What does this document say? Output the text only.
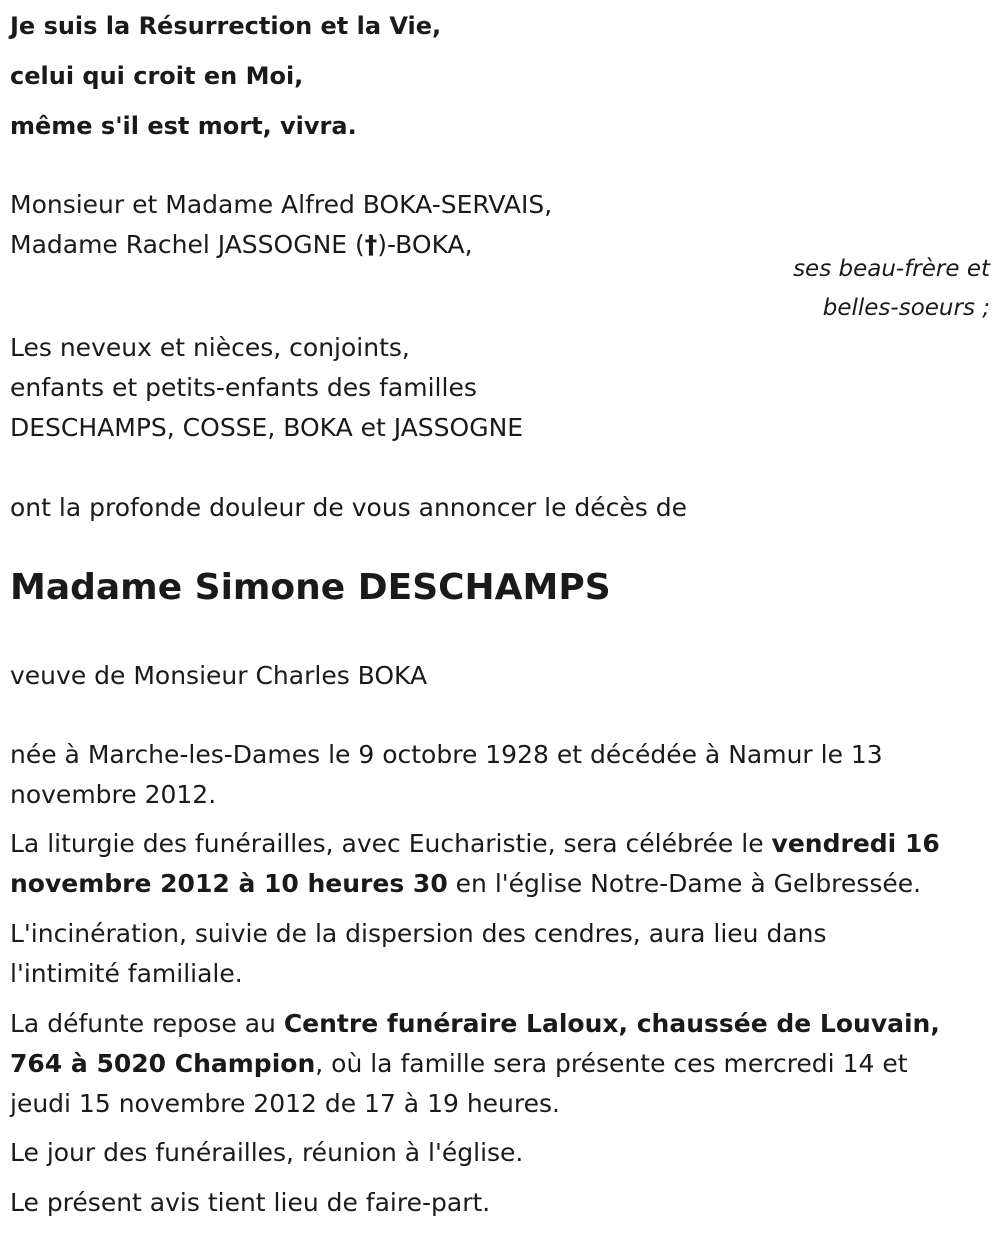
Je suis la Résurrection et la Vie,
celui qui croit en Moi,
même s'il est mort, vivra.
Monsieur et Madame Alfred BOKA-SERVAIS,
Madame Rachel JASSOGNE (†)-BOKA,
ses beau-frère et
belles-soeurs ;
Les neveux et nièces, conjoints,
enfants et petits-enfants des familles
DESCHAMPS, COSSE, BOKA et JASSOGNE
ont la profonde douleur de vous annoncer le décès de
Madame Simone DESCHAMPS
veuve de Monsieur Charles BOKA
née à Marche-les-Dames le 9 octobre 1928 et décédée à Namur le 13
novembre 2012.
La liturgie des funérailles, avec Eucharistie, sera célébrée le vendredi 16
novembre 2012 à 10 heures 30 en l'église Notre-Dame à Gelbressée.
L'incinération, suivie de la dispersion des cendres, aura lieu dans
l'intimité familiale.
La défunte repose au Centre funéraire Laloux, chaussée de Louvain,
764 à 5020 Champion, où la famille sera présente ces mercredi 14 et
jeudi 15 novembre 2012 de 17 à 19 heures.
Le jour des funérailles, réunion à l'église.
Le présent avis tient lieu de faire-part.
